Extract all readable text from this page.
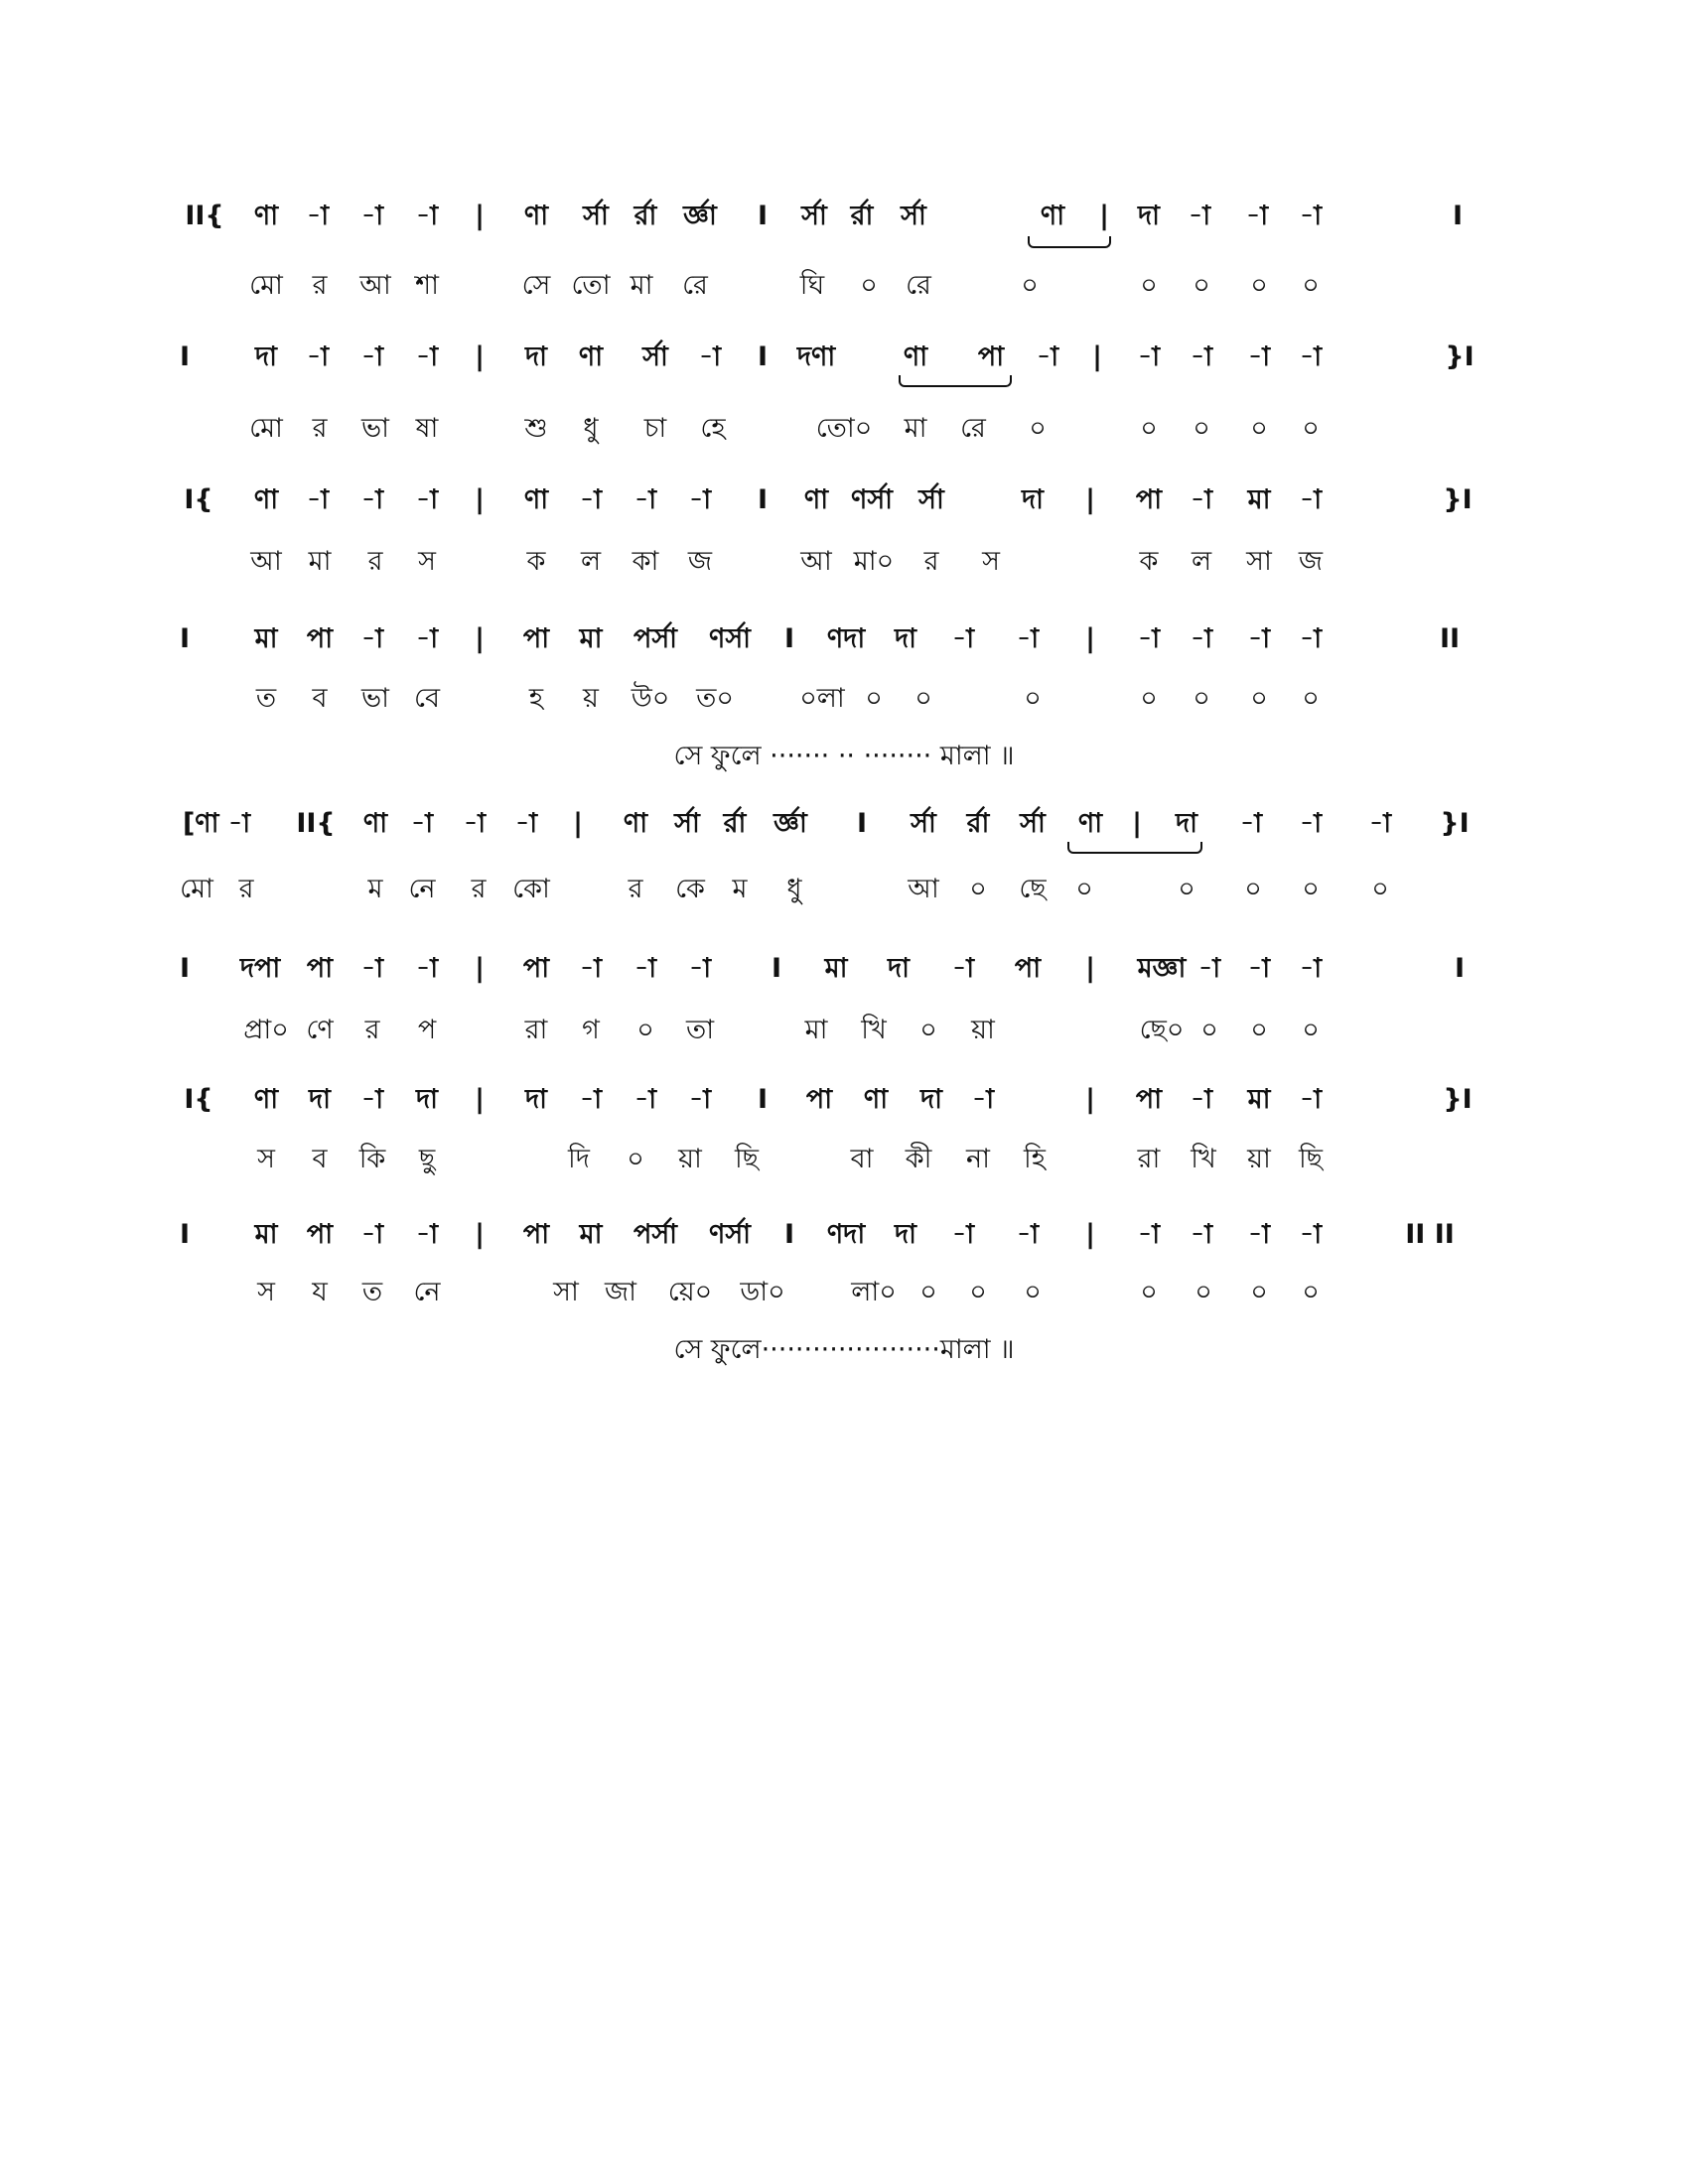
II{ ণা -া -া -া | ণা র্সা র্রা র্জ্ঞা I র্সা র্রা র্সা	ণা | দা -া -া -া	I
মো র আ শা	সে তো মা রে	ঘি ০ রে	০	০ ০ ০ ০
I দা -া -া -া | দা ণা র্সা -া I দণা	ণা পা -া | -া -া -া -া	}I
মো র ভা ষা	শু ধু চা হে	তো০ মা রে ০	০ ০ ০ ০
I{ ণা -া -া -া | ণা -া -া -া I ণা ণর্সা র্সা	দা | পা -া মা -া	}I
আ মা র স	ক ল কা জ	আ মা০ র স	ক ল সা জ
I মা পা -া -া | পা মা পর্সা ণর্সা I ণদা দা -া -া | -া -া -া -া	II
ত ব ভা বে	হ য় উ০ ত০ ০লা ০ ০	০	০ ০ ০ ০
সে ফুলে ······· ·· ········ মালা ॥
[ণা -া II{ ণা -া -া -া | ণা র্সা র্রা র্জ্ঞা I র্সা র্রা র্সা ণা | দা -া -া -া }I
মো র	ম নে র কো	র কে ম ধু	আ ০ ছে ০	০ ০ ০ ০
I দপা পা -া -া | পা -া -া -া I মা দা -া পা | মজ্ঞা -া -া -া	I
প্রা০ ণে র প	রা গ ০ তা	মা খি ০ য়া	ছে০ ০ ০ ০
I{ ণা দা -া দা | দা -া -া -া I পা ণা দা -া	| পা -া মা -া	}I
স ব কি ছু	দি ০ য়া ছি	বা কী না হি	রা খি য়া ছি
I মা পা -া -া | পা মা পর্সা ণর্সা I ণদা দা -া -া | -া -া -া -া	II II
স য ত নে	সা জা য়ে০ ডা০ লা০ ০ ০ ০	০ ০ ০ ০
সে ফুলে·····················মালা ॥
